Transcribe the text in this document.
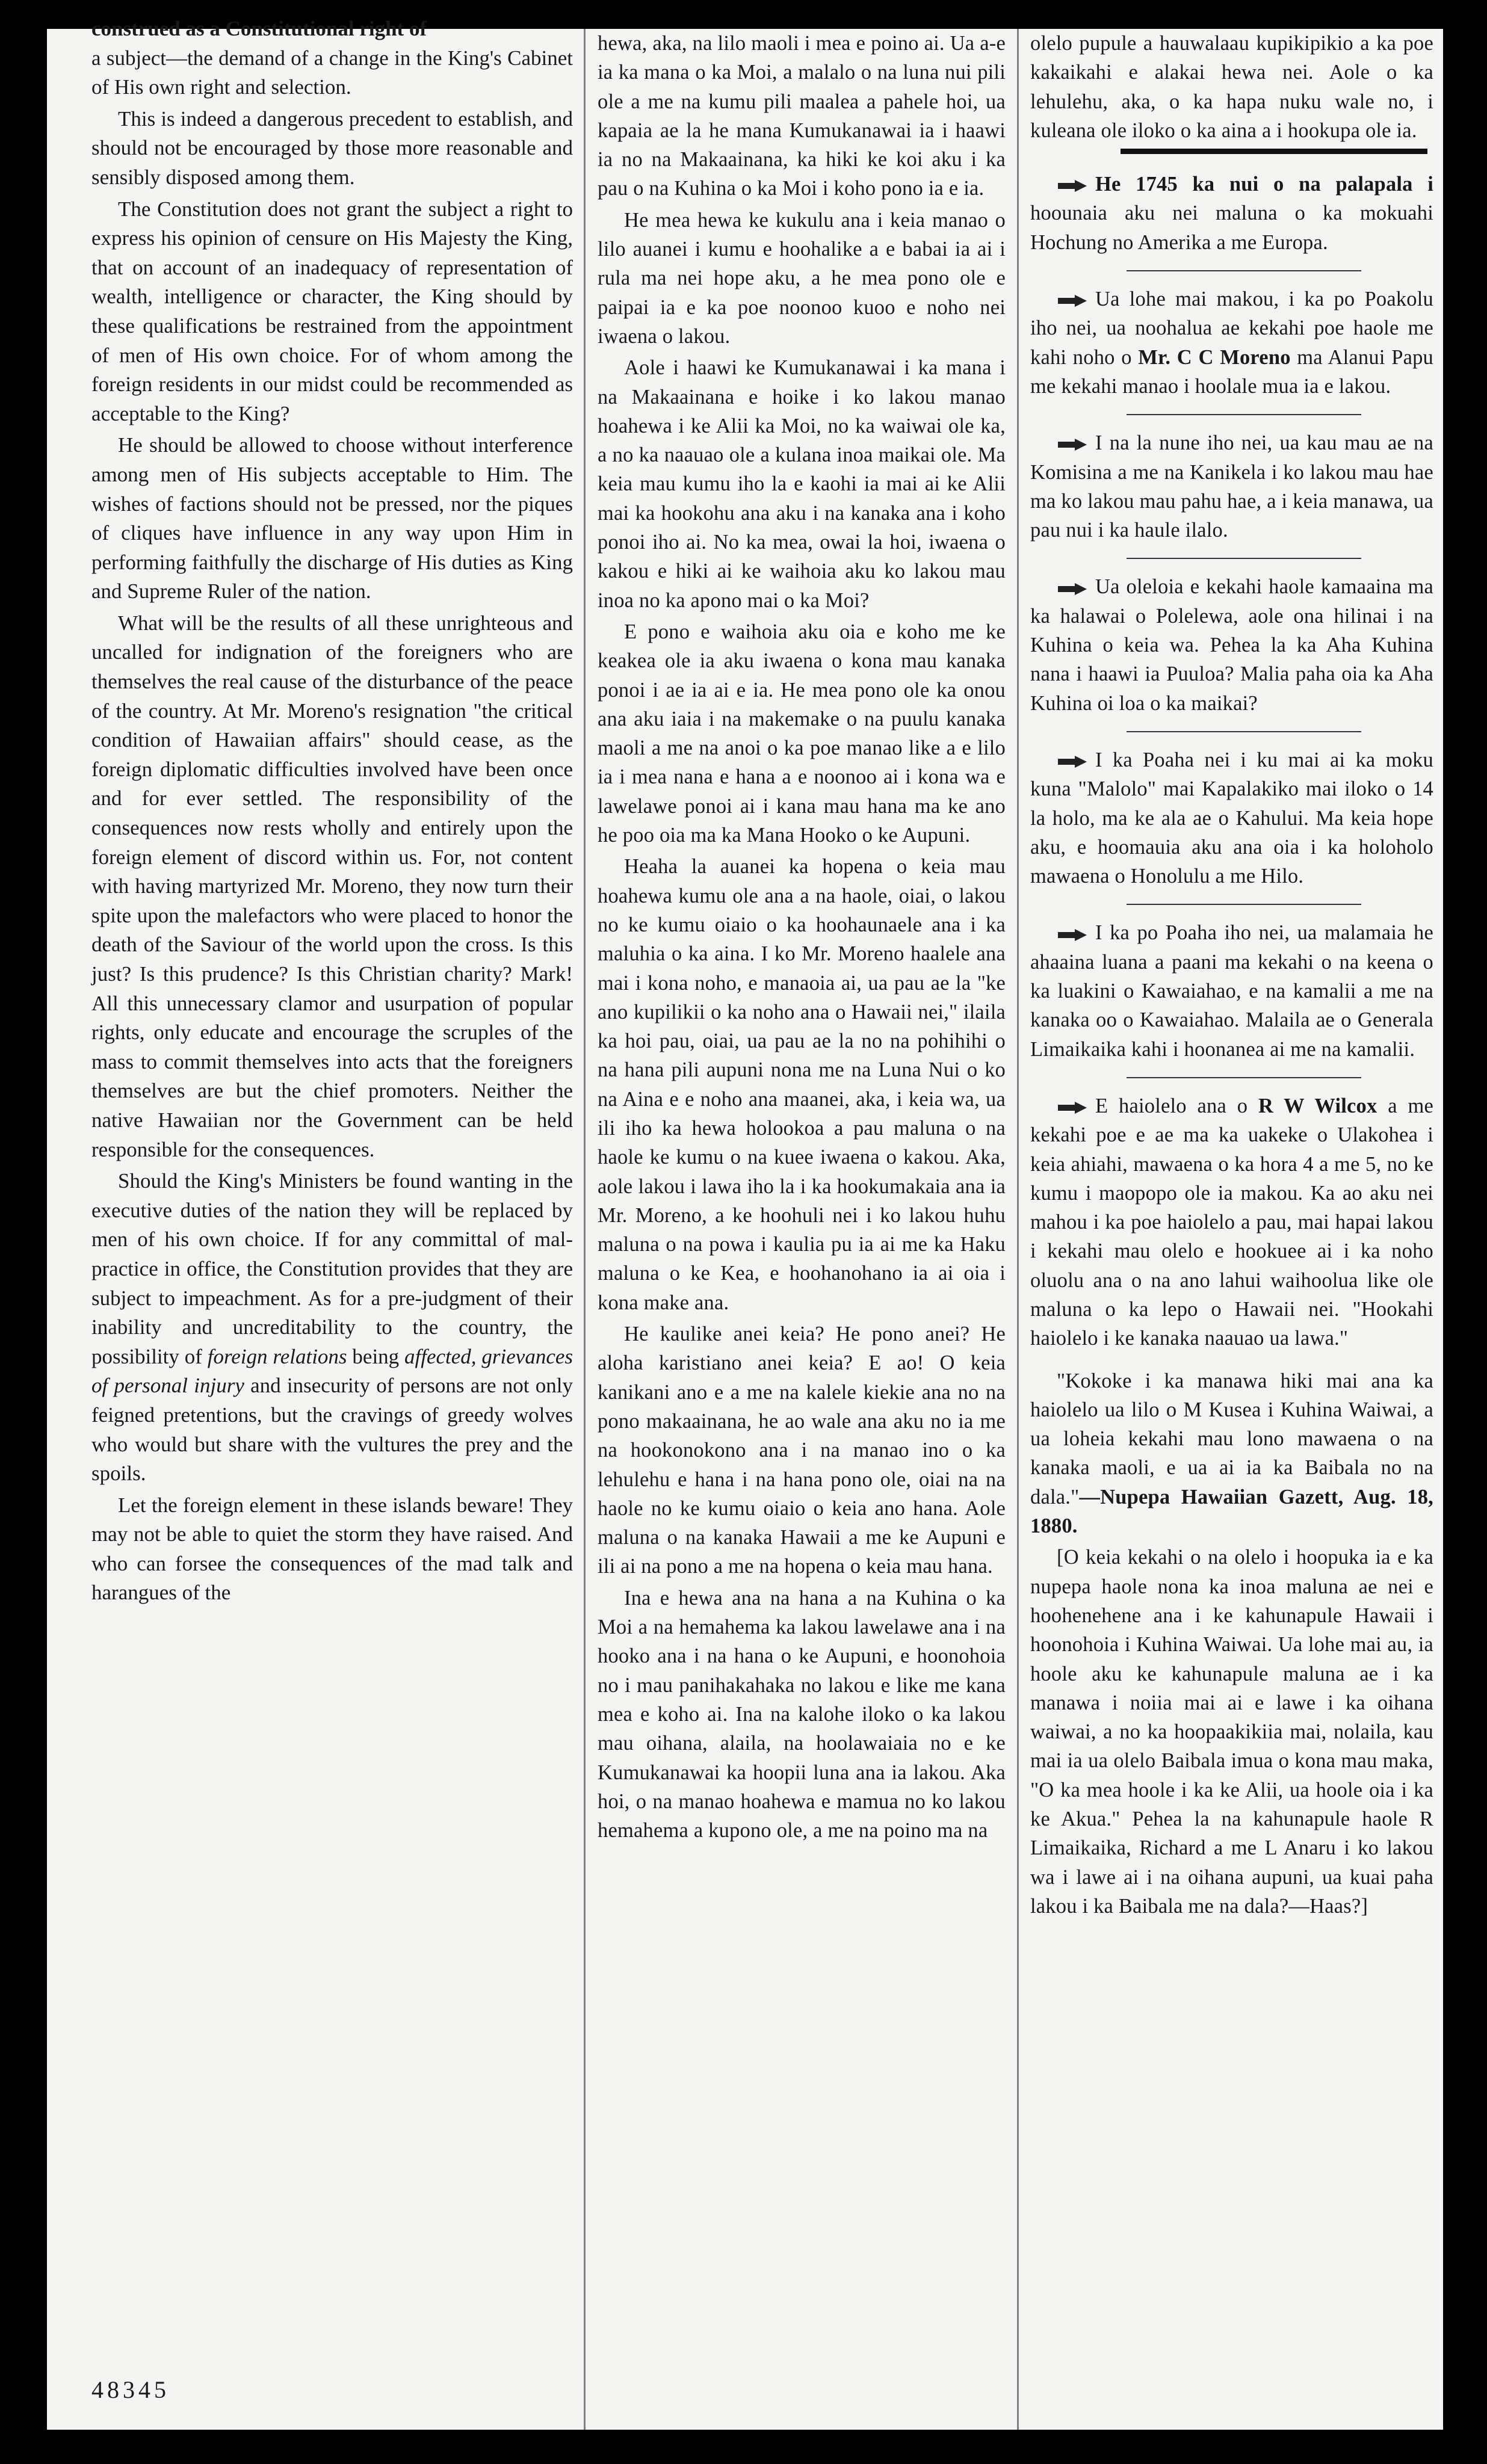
construed as a Constitutional right of

a subject—the demand of a change in the King's Cabinet of His own right and selection.

This is indeed a dangerous precedent to establish, and should not be encouraged by those more reasonable and sensibly disposed among them.

The Constitution does not grant the subject a right to express his opinion of censure on His Majesty the King, that on account of an inadequacy of representation of wealth, intelligence or character, the King should by these qualifications be restrained from the appointment of men of His own choice. For of whom among the foreign residents in our midst could be recommended as acceptable to the King?

He should be allowed to choose without interference among men of His subjects acceptable to Him. The wishes of factions should not be pressed, nor the piques of cliques have influence in any way upon Him in performing faithfully the discharge of His duties as King and Supreme Ruler of the nation.

What will be the results of all these unrighteous and uncalled for indignation of the foreigners who are themselves the real cause of the disturbance of the peace of the country. At Mr. Moreno's resignation "the critical condition of Hawaiian affairs" should cease, as the foreign diplomatic difficulties involved have been once and for ever settled. The responsibility of the consequences now rests wholly and entirely upon the foreign element of discord within us. For, not content with having martyrized Mr. Moreno, they now turn their spite upon the malefactors who were placed to honor the death of the Saviour of the world upon the cross. Is this just? Is this prudence? Is this Christian charity? Mark! All this unnecessary clamor and usurpation of popular rights, only educate and encourage the scruples of the mass to commit themselves into acts that the foreigners themselves are but the chief promoters. Neither the native Hawaiian nor the Government can be held responsible for the consequences.

Should the King's Ministers be found wanting in the executive duties of the nation they will be replaced by men of his own choice. If for any committal of mal-practice in office, the Constitution provides that they are subject to impeachment. As for a pre-judgment of their inability and uncreditability to the country, the possibility of foreign relations being affected, grievances of personal injury and insecurity of persons are not only feigned pretentions, but the cravings of greedy wolves who would but share with the vultures the prey and the spoils.

Let the foreign element in these islands beware! They may not be able to quiet the storm they have raised. And who can forsee the consequences of the mad talk and harangues of the

48345

hewa, aka, na lilo maoli i mea e poino ai. Ua a-e ia ka mana o ka Moi, a malalo o na luna nui pili ole a me na kumu pili maalea a pahele hoi, ua kapaia ae la he mana Kumukanawai ia i haawi ia no na Makaainana, ka hiki ke koi aku i ka pau o na Kuhina o ka Moi i koho pono ia e ia.

He mea hewa ke kukulu ana i keia manao o lilo auanei i kumu e hoohalike a e babai ia ai i rula ma nei hope aku, a he mea pono ole e paipai ia e ka poe noonoo kuoo e noho nei iwaena o lakou.

Aole i haawi ke Kumukanawai i ka mana i na Makaainana e hoike i ko lakou manao hoahewa i ke Alii ka Moi, no ka waiwai ole ka, a no ka naauao ole a kulana inoa maikai ole. Ma keia mau kumu iho la e kaohi ia mai ai ke Alii mai ka hookohu ana aku i na kanaka ana i koho ponoi iho ai. No ka mea, owai la hoi, iwaena o kakou e hiki ai ke waihoia aku ko lakou mau inoa no ka apono mai o ka Moi?

E pono e waihoia aku oia e koho me ke keakea ole ia aku iwaena o kona mau kanaka ponoi i ae ia ai e ia. He mea pono ole ka onou ana aku iaia i na makemake o na puulu kanaka maoli a me na anoi o ka poe manao like a e lilo ia i mea nana e hana a e noonoo ai i kona wa e lawelawe ponoi ai i kana mau hana ma ke ano he poo oia ma ka Mana Hooko o ke Aupuni.

Heaha la auanei ka hopena o keia mau hoahewa kumu ole ana a na haole, oiai, o lakou no ke kumu oiaio o ka hoohaunaele ana i ka maluhia o ka aina. I ko Mr. Moreno haalele ana mai i kona noho, e manaoia ai, ua pau ae la "ke ano kupilikii o ka noho ana o Hawaii nei," ilaila ka hoi pau, oiai, ua pau ae la no na pohihihi o na hana pili aupuni nona me na Luna Nui o ko na Aina e e noho ana maanei, aka, i keia wa, ua ili iho ka hewa holookoa a pau maluna o na haole ke kumu o na kuee iwaena o kakou. Aka, aole lakou i lawa iho la i ka hookumakaia ana ia Mr. Moreno, a ke hoohuli nei i ko lakou huhu maluna o na powa i kaulia pu ia ai me ka Haku maluna o ke Kea, e hoohanohano ia ai oia i kona make ana.

He kaulike anei keia? He pono anei? He aloha karistiano anei keia? E ao! O keia kanikani ano e a me na kalele kiekie ana no na pono makaainana, he ao wale ana aku no ia me na hookonokono ana i na manao ino o ka lehulehu e hana i na hana pono ole, oiai na na haole no ke kumu oiaio o keia ano hana. Aole maluna o na kanaka Hawaii a me ke Aupuni e ili ai na pono a me na hopena o keia mau hana.

Ina e hewa ana na hana a na Kuhina o ka Moi a na hemahema ka lakou lawelawe ana i na hooko ana i na hana o ke Aupuni, e hoonohoia no i mau panihakahaka no lakou e like me kana mea e koho ai. Ina na kalohe iloko o ka lakou mau oihana, alaila, na hoolawaiaia no e ke Kumukanawai ka hoopii luna ana ia lakou. Aka hoi, o na manao hoahewa e mamua no ko lakou hemahema a kupono ole, a me na poino ma na

olelo pupule a hauwalaau kupikipikio a ka poe kakaikahi e alakai hewa nei. Aole o ka lehulehu, aka, o ka hapa nuku wale no, i kuleana ole iloko o ka aina a i hookupa ole ia.

He 1745 ka nui o na palapala i hoounaia aku nei maluna o ka mokuahi Hochung no Amerika a me Europa.

Ua lohe mai makou, i ka po Poakolu iho nei, ua noohalua ae kekahi poe haole me kahi noho o Mr. C C Moreno ma Alanui Papu me kekahi manao i hoolale mua ia e lakou.

I na la nune iho nei, ua kau mau ae na Komisina a me na Kanikela i ko lakou mau hae ma ko lakou mau pahu hae, a i keia manawa, ua pau nui i ka haule ilalo.

Ua oleloia e kekahi haole kamaaina ma ka halawai o Polelewa, aole ona hilinai i na Kuhina o keia wa. Pehea la ka Aha Kuhina nana i haawi ia Puuloa? Malia paha oia ka Aha Kuhina oi loa o ka maikai?

I ka Poaha nei i ku mai ai ka moku kuna "Malolo" mai Kapalakiko mai iloko o 14 la holo, ma ke ala ae o Kahului. Ma keia hope aku, e hoomauia aku ana oia i ka holoholo mawaena o Honolulu a me Hilo.

I ka po Poaha iho nei, ua malamaia he ahaaina luana a paani ma kekahi o na keena o ka luakini o Kawaiahao, e na kamalii a me na kanaka oo o Kawaiahao. Malaila ae o Generala Limaikaika kahi i hoonanea ai me na kamalii.

E haiolelo ana o R W Wilcox a me kekahi poe e ae ma ka uakeke o Ulakohea i keia ahiahi, mawaena o ka hora 4 a me 5, no ke kumu i maopopo ole ia makou. Ka ao aku nei mahou i ka poe haiolelo a pau, mai hapai lakou i kekahi mau olelo e hookuee ai i ka noho oluolu ana o na ano lahui waihoolua like ole maluna o ka lepo o Hawaii nei. "Hookahi haiolelo i ke kanaka naauao ua lawa."

"Kokoke i ka manawa hiki mai ana ka haiolelo ua lilo o M Kusea i Kuhina Waiwai, a ua loheia kekahi mau lono mawaena o na kanaka maoli, e ua ai ia ka Baibala no na dala."—Nupepa Hawaiian Gazett, Aug. 18, 1880.

[O keia kekahi o na olelo i hoopuka ia e ka nupepa haole nona ka inoa maluna ae nei e hoohenehene ana i ke kahunapule Hawaii i hoonohoia i Kuhina Waiwai. Ua lohe mai au, ia hoole aku ke kahunapule maluna ae i ka manawa i noiia mai ai e lawe i ka oihana waiwai, a no ka hoopaakikiia mai, nolaila, kau mai ia ua olelo Baibala imua o kona mau maka, "O ka mea hoole i ka ke Alii, ua hoole oia i ka ke Akua." Pehea la na kahunapule haole R Limaikaika, Richard a me L Anaru i ko lakou wa i lawe ai i na oihana aupuni, ua kuai paha lakou i ka Baibala me na dala?—Haas?]
